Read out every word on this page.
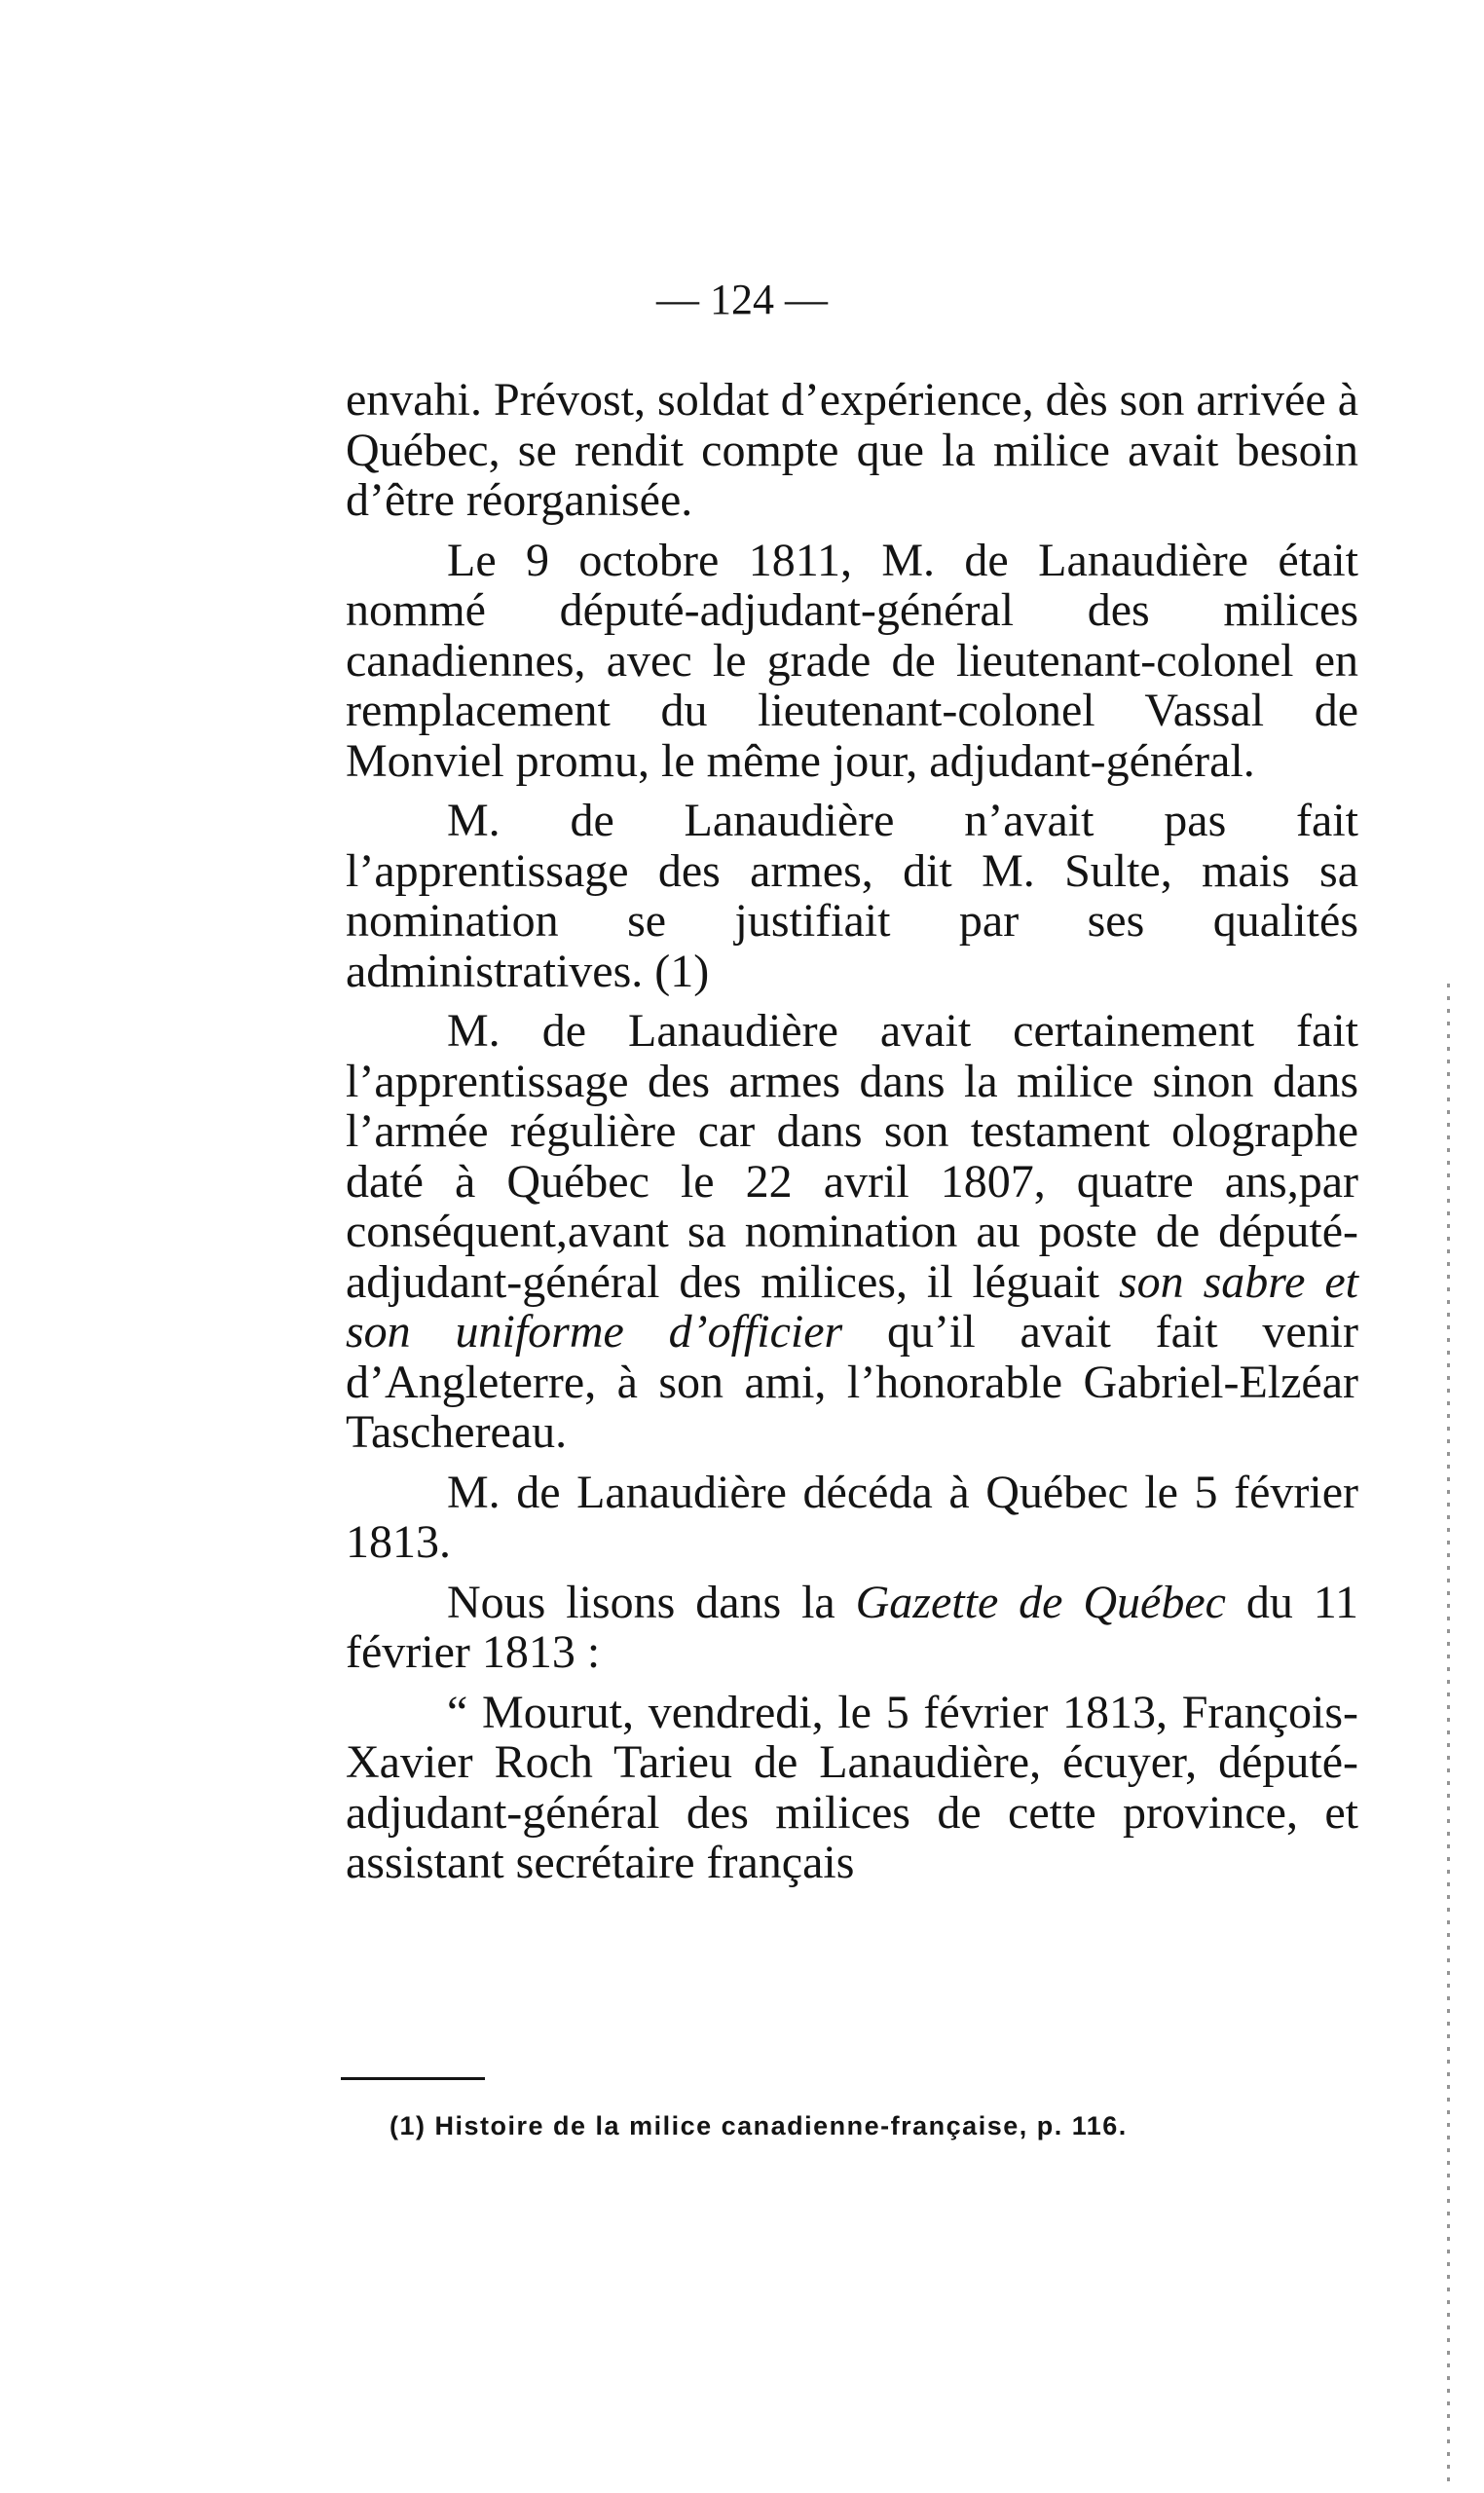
— 124 —

envahi. Prévost, soldat d’expérience, dès son arrivée à Québec, se rendit compte que la milice avait besoin d’être réorganisée.

Le 9 octobre 1811, M. de Lanaudière était nommé député-adjudant-général des milices canadiennes, avec le grade de lieutenant-colonel en remplacement du lieutenant-colonel Vassal de Monviel promu, le même jour, adjudant-général.

M. de Lanaudière n’avait pas fait l’apprentissage des armes, dit M. Sulte, mais sa nomination se justifiait par ses qualités administratives. (1)

M. de Lanaudière avait certainement fait l’apprentissage des armes dans la milice sinon dans l’armée régulière car dans son testament olographe daté à Québec le 22 avril 1807, quatre ans,par conséquent,avant sa nomination au poste de député-adjudant-général des milices, il léguait son sabre et son uniforme d’officier qu’il avait fait venir d’Angleterre, à son ami, l’honorable Gabriel-Elzéar Taschereau.

M. de Lanaudière décéda à Québec le 5 février 1813.

Nous lisons dans la Gazette de Québec du 11 février 1813 :

“ Mourut, vendredi, le 5 février 1813, François-Xavier Roch Tarieu de Lanaudière, écuyer, député-adjudant-général des milices de cette province, et assistant secrétaire français

(1) Histoire de la milice canadienne-française, p. 116.
